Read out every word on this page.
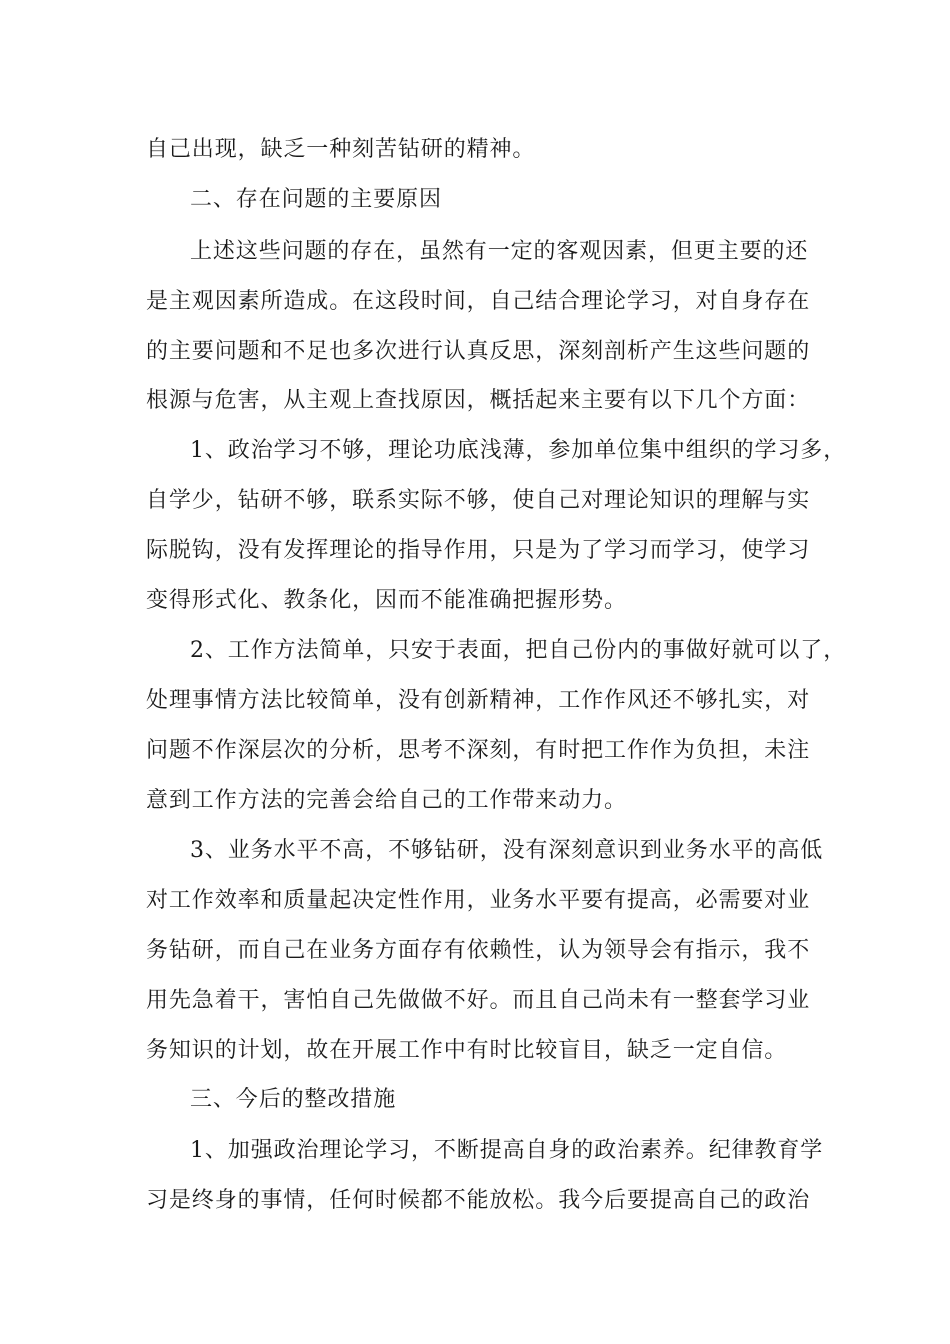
自己出现，缺乏一种刻苦钻研的精神。
二、存在问题的主要原因
上述这些问题的存在，虽然有一定的客观因素，但更主要的还
是主观因素所造成。在这段时间，自己结合理论学习，对自身存在
的主要问题和不足也多次进行认真反思，深刻剖析产生这些问题的
根源与危害，从主观上查找原因，概括起来主要有以下几个方面：
1、政治学习不够，理论功底浅薄，参加单位集中组织的学习多，
自学少，钻研不够，联系实际不够，使自己对理论知识的理解与实
际脱钩，没有发挥理论的指导作用，只是为了学习而学习，使学习
变得形式化、教条化，因而不能准确把握形势。
2、工作方法简单，只安于表面，把自己份内的事做好就可以了，
处理事情方法比较简单，没有创新精神，工作作风还不够扎实，对
问题不作深层次的分析，思考不深刻，有时把工作作为负担，未注
意到工作方法的完善会给自己的工作带来动力。
3、业务水平不高，不够钻研，没有深刻意识到业务水平的高低
对工作效率和质量起决定性作用，业务水平要有提高，必需要对业
务钻研，而自己在业务方面存有依赖性，认为领导会有指示，我不
用先急着干，害怕自己先做做不好。而且自己尚未有一整套学习业
务知识的计划，故在开展工作中有时比较盲目，缺乏一定自信。
三、今后的整改措施
1、加强政治理论学习，不断提高自身的政治素养。纪律教育学
习是终身的事情，任何时候都不能放松。我今后要提高自己的政治
